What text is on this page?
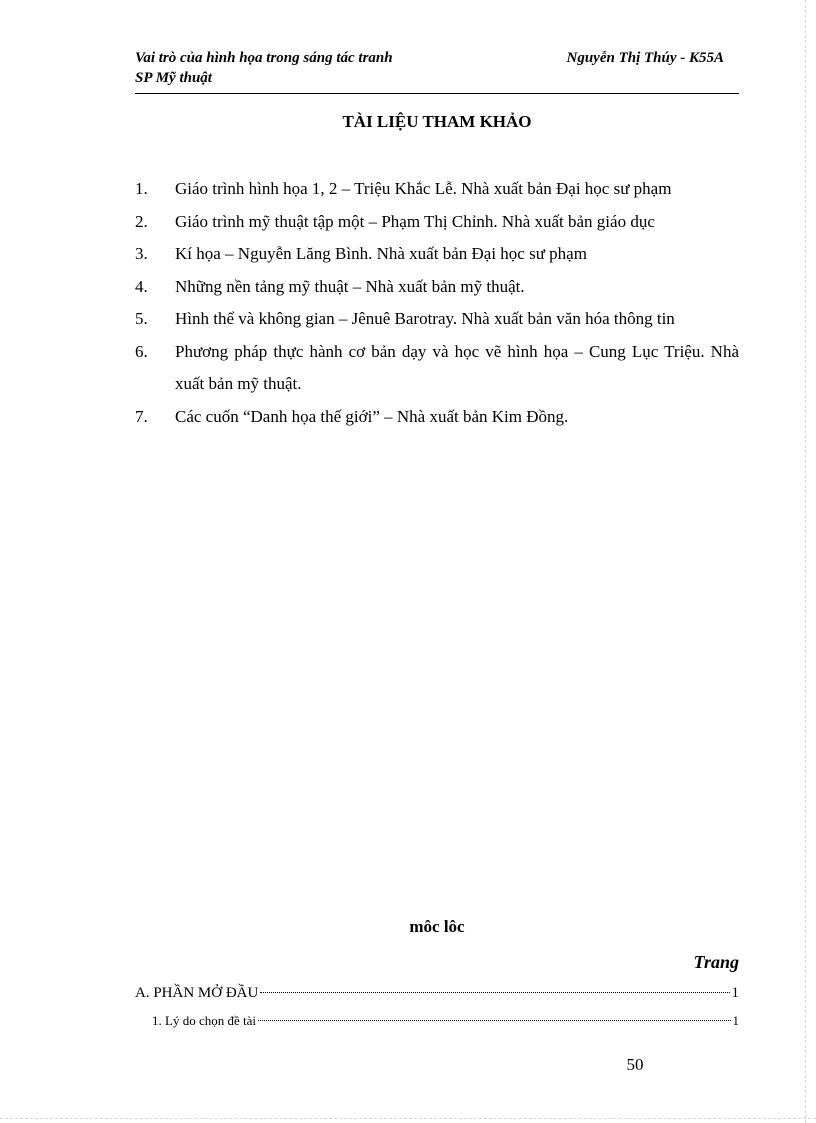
Vai trò của hình họa trong sáng tác tranh
SP Mỹ thuật
Nguyễn Thị Thúy - K55A
TÀI LIỆU THAM KHẢO
1. Giáo trình hình họa 1, 2 – Triệu Khắc Lễ. Nhà xuất bản Đại học sư phạm
2. Giáo trình mỹ thuật tập một – Phạm Thị Chỉnh. Nhà xuất bản giáo dục
3. Kí họa – Nguyễn Lăng Bình. Nhà xuất bản Đại học sư phạm
4. Những nền tảng mỹ thuật – Nhà xuất bản mỹ thuật.
5. Hình thể và không gian – Jênuê Barotray. Nhà xuất bản văn hóa thông tin
6. Phương pháp thực hành cơ bản dạy và học vẽ hình họa – Cung Lục Triệu. Nhà xuất bản mỹ thuật.
7. Các cuốn “Danh họa thế giới” – Nhà xuất bản Kim Đồng.
môc lôc
Trang
A. PHẦN MỞ ĐẦU	1
1. Lý do chọn đề tài	1
50
